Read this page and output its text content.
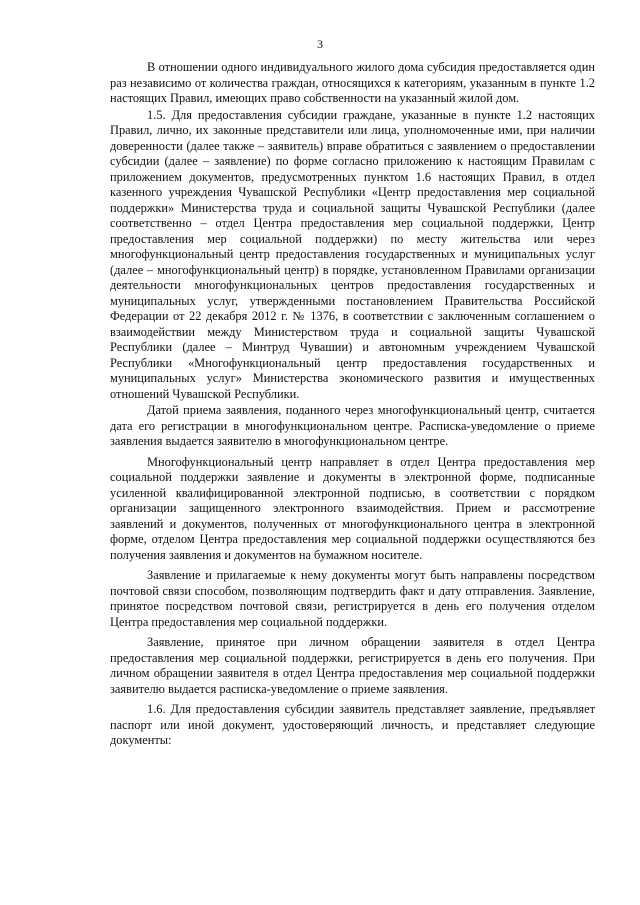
3

В отношении одного индивидуального жилого дома субсидия предоставляется один раз независимо от количества граждан, относящихся к категориям, указанным в пункте 1.2 настоящих Правил, имеющих право собственности на указанный жилой дом.

1.5. Для предоставления субсидии граждане, указанные в пункте 1.2 настоящих Правил, лично, их законные представители или лица, уполномоченные ими, при наличии доверенности (далее также – заявитель) вправе обратиться с заявлением о предоставлении субсидии (далее – заявление) по форме согласно приложению к настоящим Правилам с приложением документов, предусмотренных пунктом 1.6 настоящих Правил, в отдел казенного учреждения Чувашской Республики «Центр предоставления мер социальной поддержки» Министерства труда и социальной защиты Чувашской Республики (далее соответственно – отдел Центра предоставления мер социальной поддержки, Центр предоставления мер социальной поддержки) по месту жительства или через многофункциональный центр предоставления государственных и муниципальных услуг (далее – многофункциональный центр) в порядке, установленном Правилами организации деятельности многофункциональных центров предоставления государственных и муниципальных услуг, утвержденными постановлением Правительства Российской Федерации от 22 декабря 2012 г. № 1376, в соответствии с заключенным соглашением о взаимодействии между Министерством труда и социальной защиты Чувашской Республики (далее – Минтруд Чувашии) и автономным учреждением Чувашской Республики «Многофункциональный центр предоставления государственных и муниципальных услуг» Министерства экономического развития и имущественных отношений Чувашской Республики.

Датой приема заявления, поданного через многофункциональный центр, считается дата его регистрации в многофункциональном центре. Расписка-уведомление о приеме заявления выдается заявителю в многофункциональном центре.

Многофункциональный центр направляет в отдел Центра предоставления мер социальной поддержки заявление и документы в электронной форме, подписанные усиленной квалифицированной электронной подписью, в соответствии с порядком организации защищенного электронного взаимодействия. Прием и рассмотрение заявлений и документов, полученных от многофункционального центра в электронной форме, отделом Центра предоставления мер социальной поддержки осуществляются без получения заявления и документов на бумажном носителе.

Заявление и прилагаемые к нему документы могут быть направлены посредством почтовой связи способом, позволяющим подтвердить факт и дату отправления. Заявление, принятое посредством почтовой связи, регистрируется в день его получения отделом Центра предоставления мер социальной поддержки.

Заявление, принятое при личном обращении заявителя в отдел Центра предоставления мер социальной поддержки, регистрируется в день его получения. При личном обращении заявителя в отдел Центра предоставления мер социальной поддержки заявителю выдается расписка-уведомление о приеме заявления.

1.6. Для предоставления субсидии заявитель представляет заявление, предъявляет паспорт или иной документ, удостоверяющий личность, и представляет следующие документы:
